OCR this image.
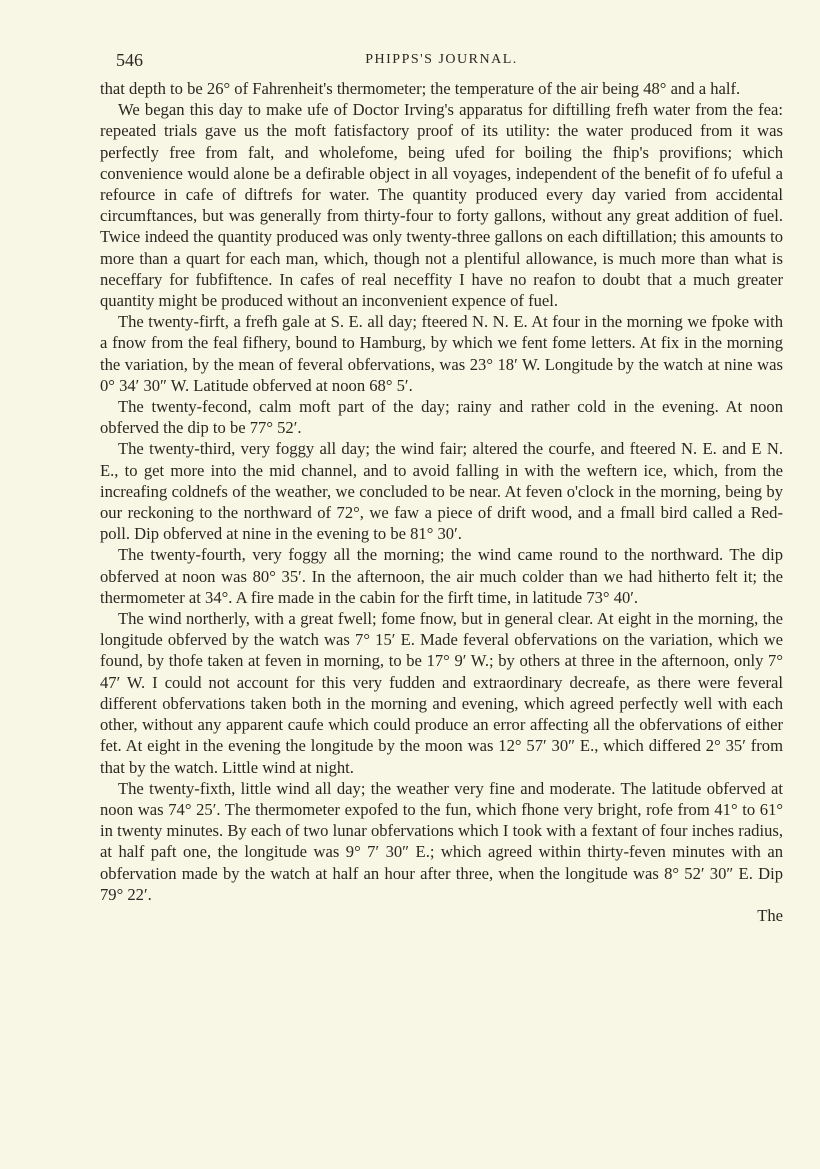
546	PHIPPS'S JOURNAL.

that depth to be 26° of Fahrenheit's thermometer; the temperature of the air being 48° and a half.

We began this day to make ufe of Doctor Irving's apparatus for diftilling frefh water from the fea: repeated trials gave us the moft fatisfactory proof of its utility: the water produced from it was perfectly free from falt, and wholefome, being ufed for boiling the fhip's provifions; which convenience would alone be a defirable object in all voyages, independent of the benefit of fo ufeful a refource in cafe of diftrefs for water. The quantity produced every day varied from accidental circumftances, but was generally from thirty-four to forty gallons, without any great addition of fuel. Twice indeed the quantity produced was only twenty-three gallons on each diftillation; this amounts to more than a quart for each man, which, though not a plentiful allowance, is much more than what is neceffary for fubfiftence. In cafes of real neceffity I have no reafon to doubt that a much greater quantity might be produced without an inconvenient expence of fuel.

The twenty-firft, a frefh gale at S. E. all day; fteered N. N. E. At four in the morning we fpoke with a fnow from the feal fifhery, bound to Hamburg, by which we fent fome letters. At fix in the morning the variation, by the mean of feveral obfervations, was 23° 18′ W. Longitude by the watch at nine was 0° 34′ 30″ W. Latitude obferved at noon 68° 5′.

The twenty-fecond, calm moft part of the day; rainy and rather cold in the evening. At noon obferved the dip to be 77° 52′.

The twenty-third, very foggy all day; the wind fair; altered the courfe, and fteered N. E. and E N. E., to get more into the mid channel, and to avoid falling in with the weftern ice, which, from the increafing coldnefs of the weather, we concluded to be near. At feven o'clock in the morning, being by our reckoning to the northward of 72°, we faw a piece of drift wood, and a fmall bird called a Red-poll. Dip obferved at nine in the evening to be 81° 30′.

The twenty-fourth, very foggy all the morning; the wind came round to the northward. The dip obferved at noon was 80° 35′. In the afternoon, the air much colder than we had hitherto felt it; the thermometer at 34°. A fire made in the cabin for the firft time, in latitude 73° 40′.

The wind northerly, with a great fwell; fome fnow, but in general clear. At eight in the morning, the longitude obferved by the watch was 7° 15′ E. Made feveral obfervations on the variation, which we found, by thofe taken at feven in morning, to be 17° 9′ W.; by others at three in the afternoon, only 7° 47′ W. I could not account for this very fudden and extraordinary decreafe, as there were feveral different obfervations taken both in the morning and evening, which agreed perfectly well with each other, without any apparent caufe which could produce an error affecting all the obfervations of either fet. At eight in the evening the longitude by the moon was 12° 57′ 30″ E., which differed 2° 35′ from that by the watch. Little wind at night.

The twenty-fixth, little wind all day; the weather very fine and moderate. The latitude obferved at noon was 74° 25′. The thermometer expofed to the fun, which fhone very bright, rofe from 41° to 61° in twenty minutes. By each of two lunar obfervations which I took with a fextant of four inches radius, at half paft one, the longitude was 9° 7′ 30″ E.; which agreed within thirty-feven minutes with an obfervation made by the watch at half an hour after three, when the longitude was 8° 52′ 30″ E. Dip 79° 22′.

The
